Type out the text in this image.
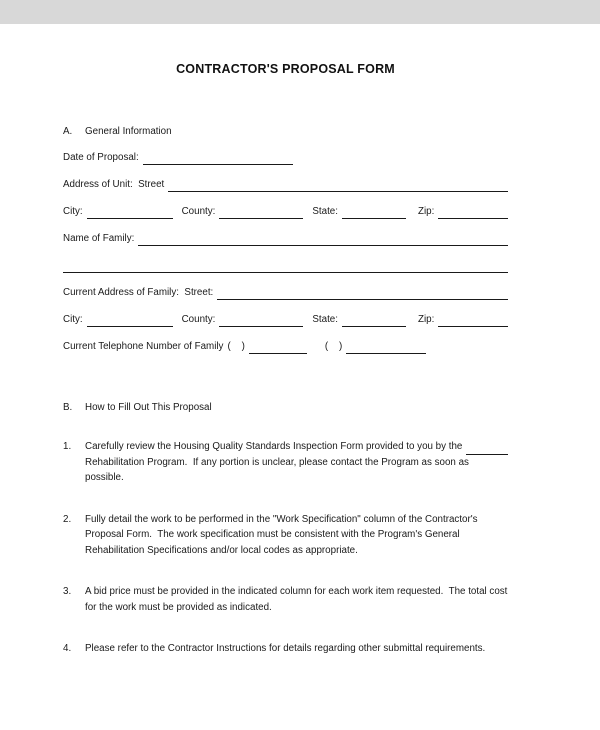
CONTRACTOR'S PROPOSAL FORM
A.	General Information
Date of Proposal:
Address of Unit:  Street
City:	County:	State:	Zip:
Name of Family:
Current Address of Family:  Street:
City:	County:	State:	Zip:
Current Telephone Number of Family (    )	(    )
B.	How to Fill Out This Proposal
1.	Carefully review the Housing Quality Standards Inspection Form provided to you by the
Rehabilitation Program.  If any portion is unclear, please contact the Program as soon as possible.
2.	Fully detail the work to be performed in the "Work Specification" column of the Contractor's Proposal Form.  The work specification must be consistent with the Program's General Rehabilitation Specifications and/or local codes as appropriate.
3.	A bid price must be provided in the indicated column for each work item requested.  The total cost for the work must be provided as indicated.
4.	Please refer to the Contractor Instructions for details regarding other submittal requirements.
